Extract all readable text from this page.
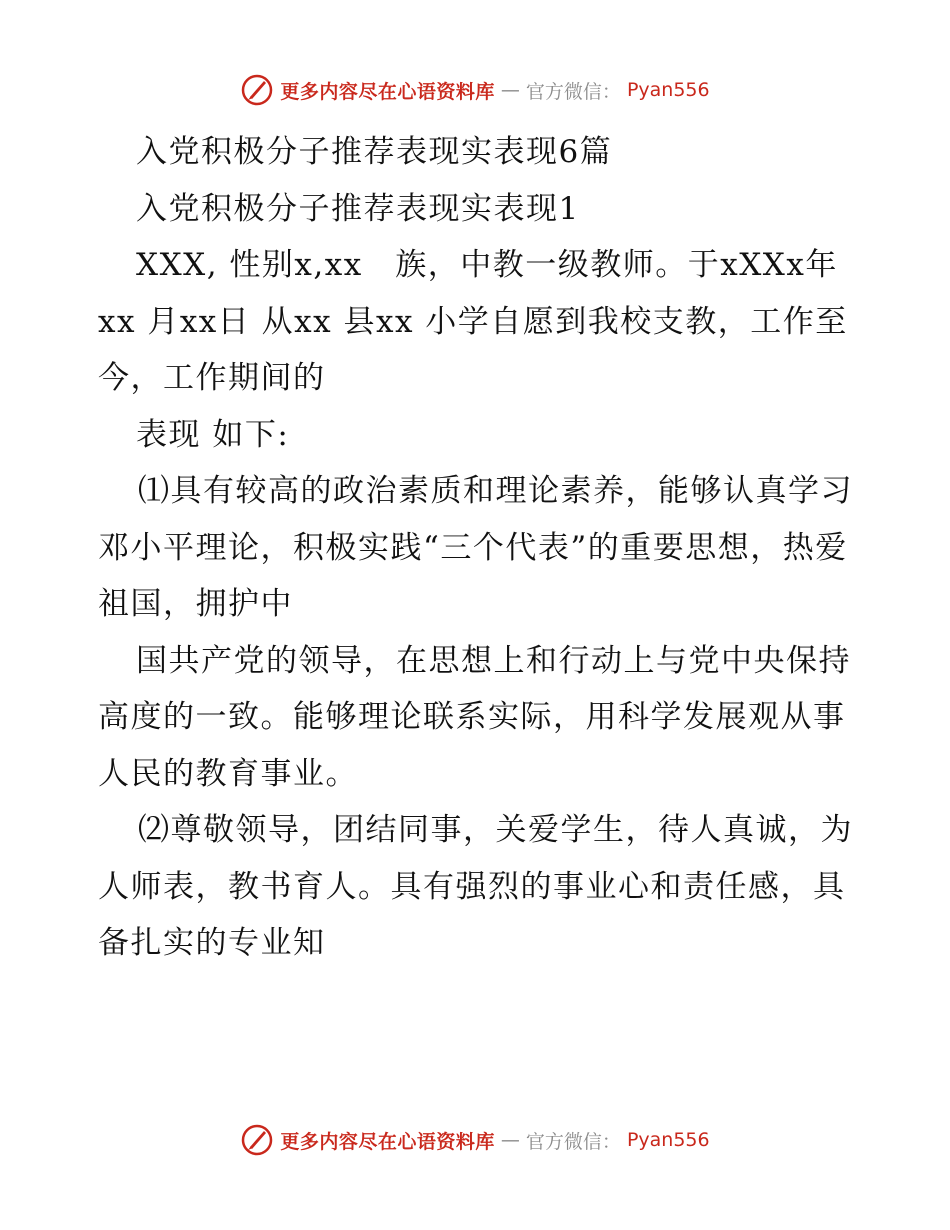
更多内容尽在心语资料库 — 官方微信： Pyan556

入党积极分子推荐表现实表现6篇

入党积极分子推荐表现实表现1

XXX, 性别x,xx　族，中教一级教师。于xXXx年xx 月xx日 从xx 县xx 小学自愿到我校支教，工作至今，工作期间的

表现 如下:

⑴具有较高的政治素质和理论素养，能够认真学习邓小平理论，积极实践“三个代表”的重要思想，热爱祖国，拥护中

国共产党的领导，在思想上和行动上与党中央保持高度的一致。能够理论联系实际，用科学发展观从事人民的教育事业。

⑵尊敬领导，团结同事，关爱学生，待人真诚，为人师表，教书育人。具有强烈的事业心和责任感，具备扎实的专业知

更多内容尽在心语资料库 — 官方微信： Pyan556
